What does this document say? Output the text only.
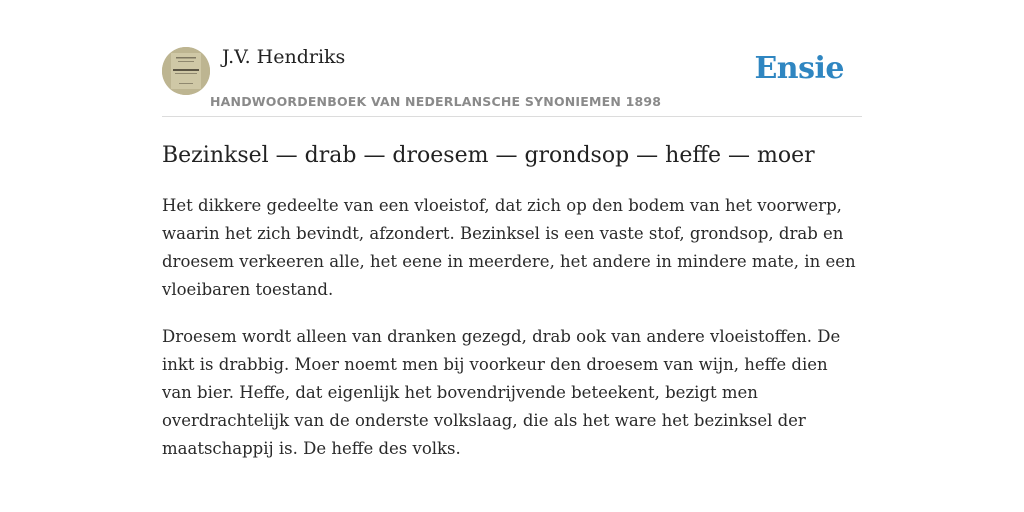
J.V. Hendriks
HANDWOORDENBOEK VAN NEDERLANSCHE SYNONIEMEN 1898
Ensie
Bezinksel — drab — droesem — grondsop — heffe — moer

Het dikkere gedeelte van een vloeistof, dat zich op den bodem van het voorwerp, waarin het zich bevindt, afzondert. Bezinksel is een vaste stof, grondsop, drab en droesem verkeeren alle, het eene in meerdere, het andere in mindere mate, in een vloeibaren toestand.

Droesem wordt alleen van dranken gezegd, drab ook van andere vloeistoffen. De inkt is drabbig. Moer noemt men bij voorkeur den droesem van wijn, heffe dien van bier. Heffe, dat eigenlijk het bovendrijvende beteekent, bezigt men overdrachtelijk van de onderste volkslaag, die als het ware het bezinksel der maatschappij is. De heffe des volks.
